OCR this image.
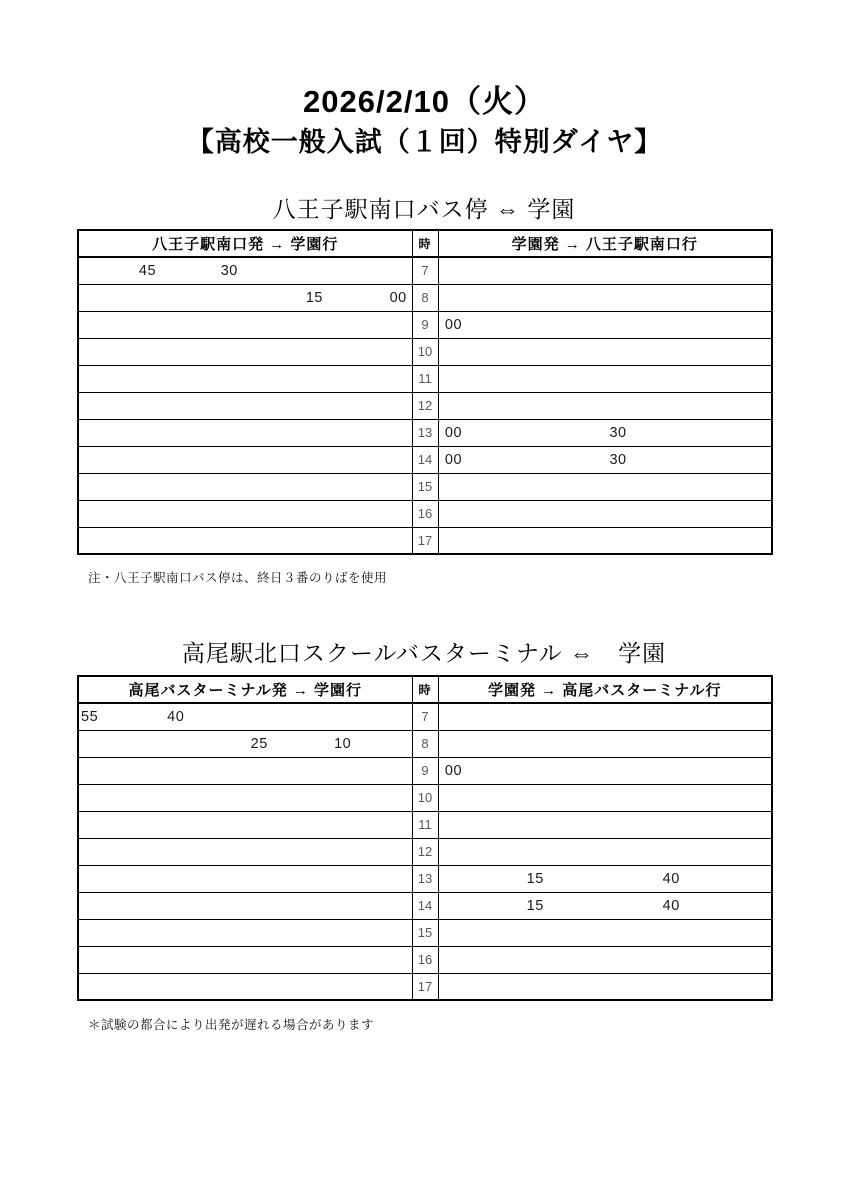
2026/2/10（火）
【高校一般入試（１回）特別ダイヤ】
八王子駅南口バス停 ⇔ 学園
八王子駅南口発 → 学園行	時	学園発 → 八王子駅南口行

45 30	7	

15 00	8	
	9	00

	10	
	11	
	12	
	13	00 30

	14	00 30

	15	
	16	
	17	
注・八王子駅南口バス停は、終日３番のりばを使用
高尾駅北口スクールバスターミナル ⇔　学園
高尾バスターミナル発 → 学園行	時	学園発 → 高尾バスターミナル行

55 40	7	

25 10	8	
	9	00

	10	
	11	
	12	
	13	15 40

	14	15 40

	15	
	16	
	17	
＊試験の都合により出発が遅れる場合があります
